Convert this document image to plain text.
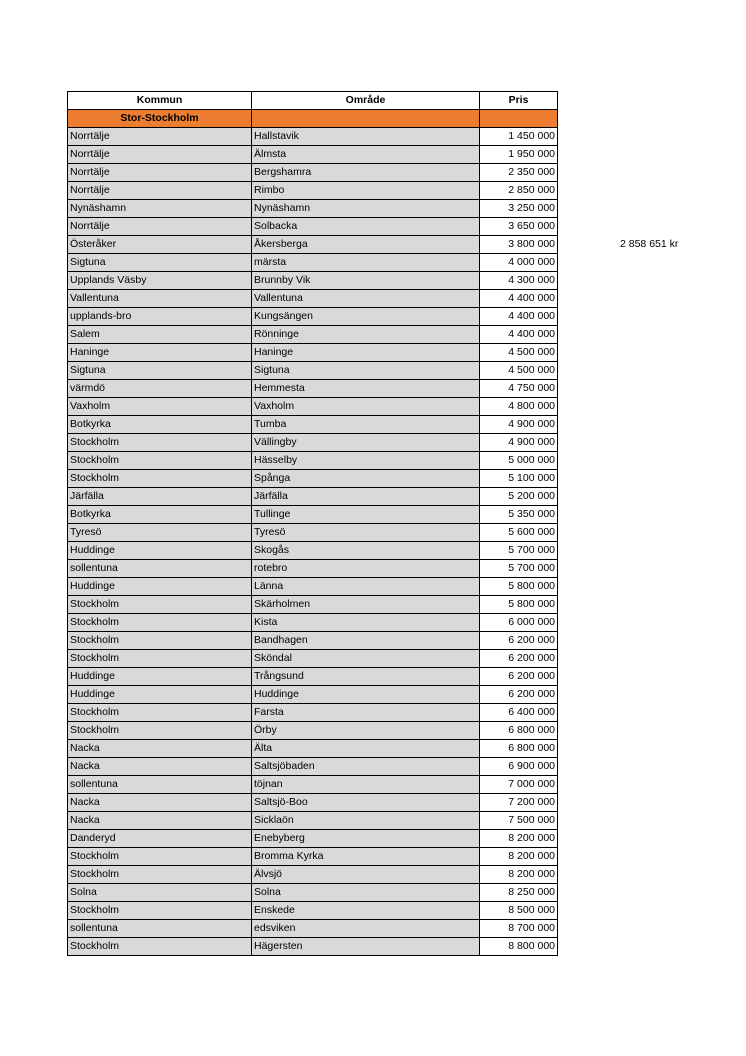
Kommun	Område	Pris
Stor-Stockholm		
Norrtälje	Hallstavik	1 450 000
Norrtälje	Älmsta	1 950 000
Norrtälje	Bergshamra	2 350 000
Norrtälje	Rimbo	2 850 000
Nynäshamn	Nynäshamn	3 250 000
Norrtälje	Solbacka	3 650 000
Österåker	Åkersberga	3 800 000
Sigtuna	märsta	4 000 000
Upplands Väsby	Brunnby Vik	4 300 000
Vallentuna	Vallentuna	4 400 000
upplands-bro	Kungsängen	4 400 000
Salem	Rönninge	4 400 000
Haninge	Haninge	4 500 000
Sigtuna	Sigtuna	4 500 000
värmdö	Hemmesta	4 750 000
Vaxholm	Vaxholm	4 800 000
Botkyrka	Tumba	4 900 000
Stockholm	Vällingby	4 900 000
Stockholm	Hässelby	5 000 000
Stockholm	Spånga	5 100 000
Järfälla	Järfälla	5 200 000
Botkyrka	Tullinge	5 350 000
Tyresö	Tyresö	5 600 000
Huddinge	Skogås	5 700 000
sollentuna	rotebro	5 700 000
Huddinge	Länna	5 800 000
Stockholm	Skärholmen	5 800 000
Stockholm	Kista	6 000 000
Stockholm	Bandhagen	6 200 000
Stockholm	Sköndal	6 200 000
Huddinge	Trångsund	6 200 000
Huddinge	Huddinge	6 200 000
Stockholm	Farsta	6 400 000
Stockholm	Örby	6 800 000
Nacka	Älta	6 800 000
Nacka	Saltsjöbaden	6 900 000
sollentuna	töjnan	7 000 000
Nacka	Saltsjö-Boo	7 200 000
Nacka	Sicklaön	7 500 000
Danderyd	Enebyberg	8 200 000
Stockholm	Bromma Kyrka	8 200 000
Stockholm	Älvsjö	8 200 000
Solna	Solna	8 250 000
Stockholm	Enskede	8 500 000
sollentuna	edsviken	8 700 000
Stockholm	Hägersten	8 800 000
2 858 651 kr
